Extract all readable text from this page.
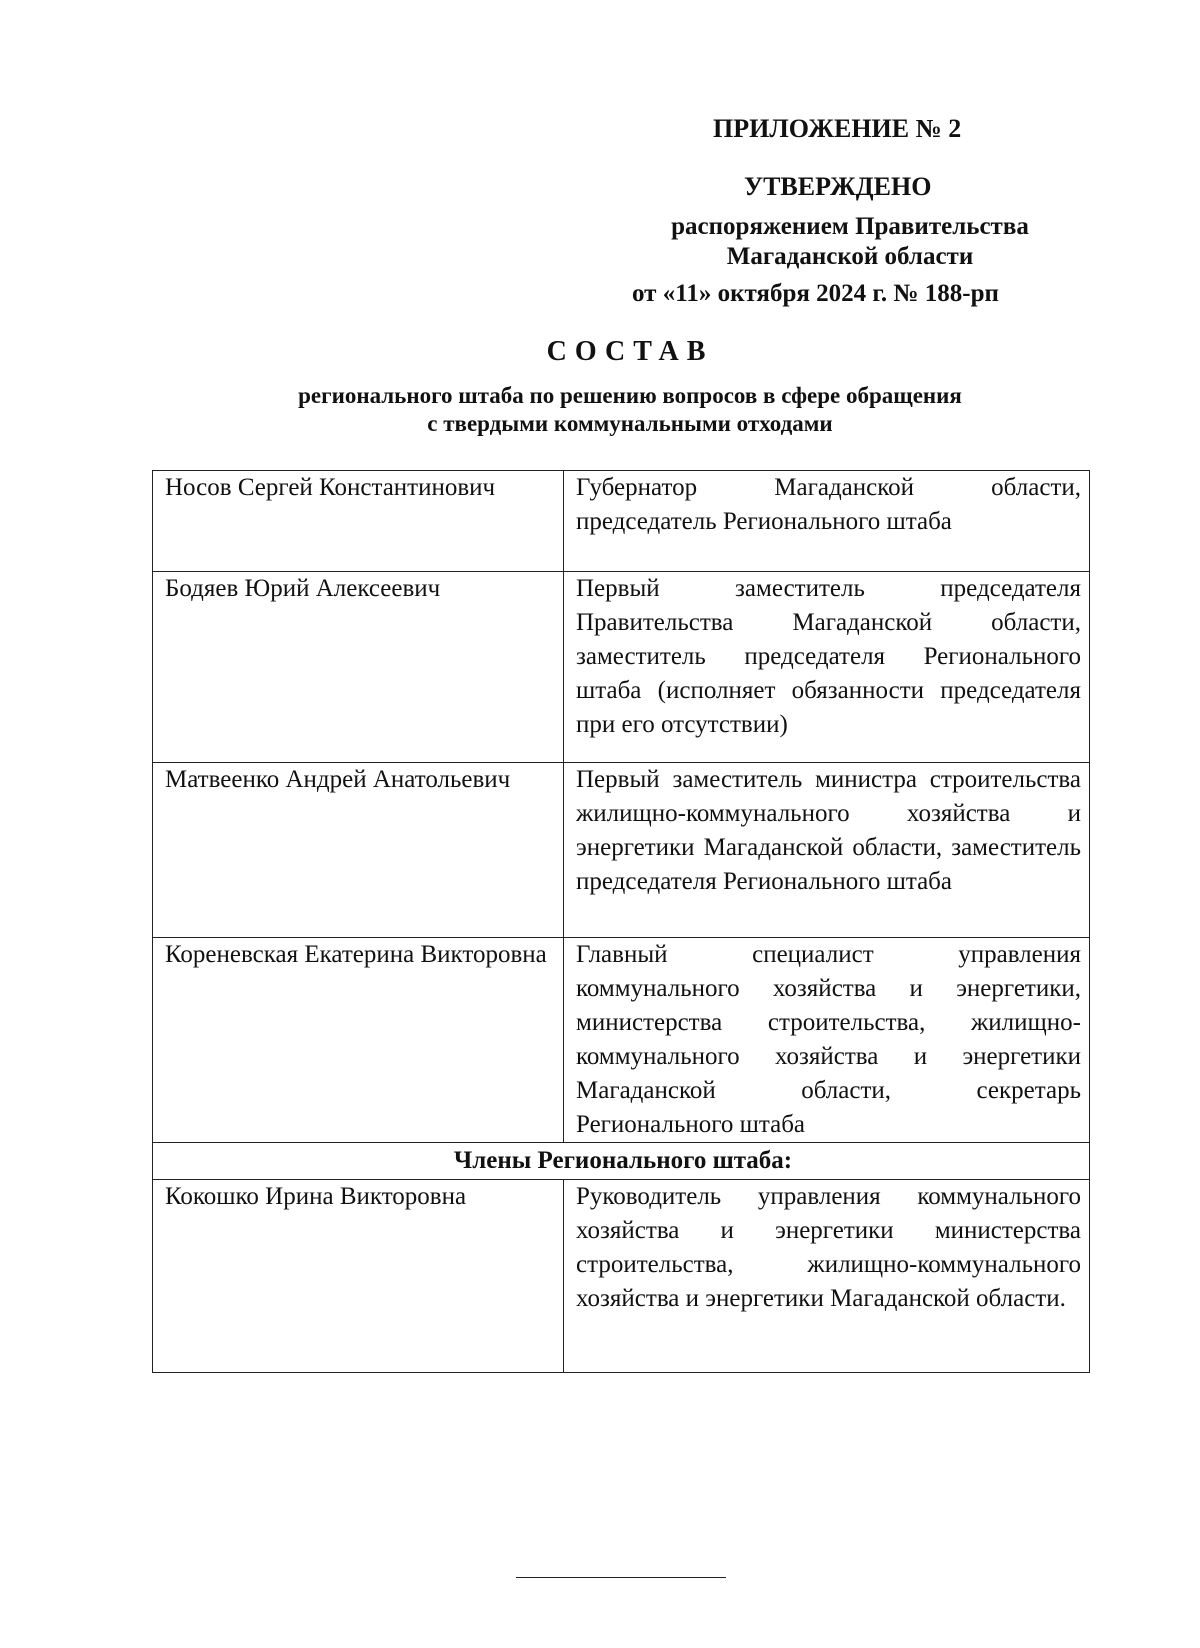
ПРИЛОЖЕНИЕ № 2
УТВЕРЖДЕНО
распоряжением Правительства
Магаданской области
от «11» октября 2024 г. № 188-рп
СОСТАВ
регионального штаба по решению вопросов в сфере обращения
с твердыми коммунальными отходами
Носов Сергей Константинович	Губернатор Магаданской области, председатель Регионального штаба
Бодяев Юрий Алексеевич	Первый заместитель председателя Правительства Магаданской области, заместитель председателя Регионального штаба (исполняет обязанности председателя при его отсутствии)
Матвеенко Андрей Анатольевич	Первый заместитель министра строительства жилищно-коммунального хозяйства и энергетики Магаданской области, заместитель председателя Регионального штаба
Кореневская Екатерина Викторовна	Главный специалист управления коммунального хозяйства и энергетики, министерства строительства, жилищно-коммунального хозяйства и энергетики Магаданской области, секретарь Регионального штаба
Члены Регионального штаба:	
Кокошко Ирина Викторовна	Руководитель управления коммунального хозяйства и энергетики министерства строительства, жилищно-коммунального хозяйства и энергетики Магаданской области.
